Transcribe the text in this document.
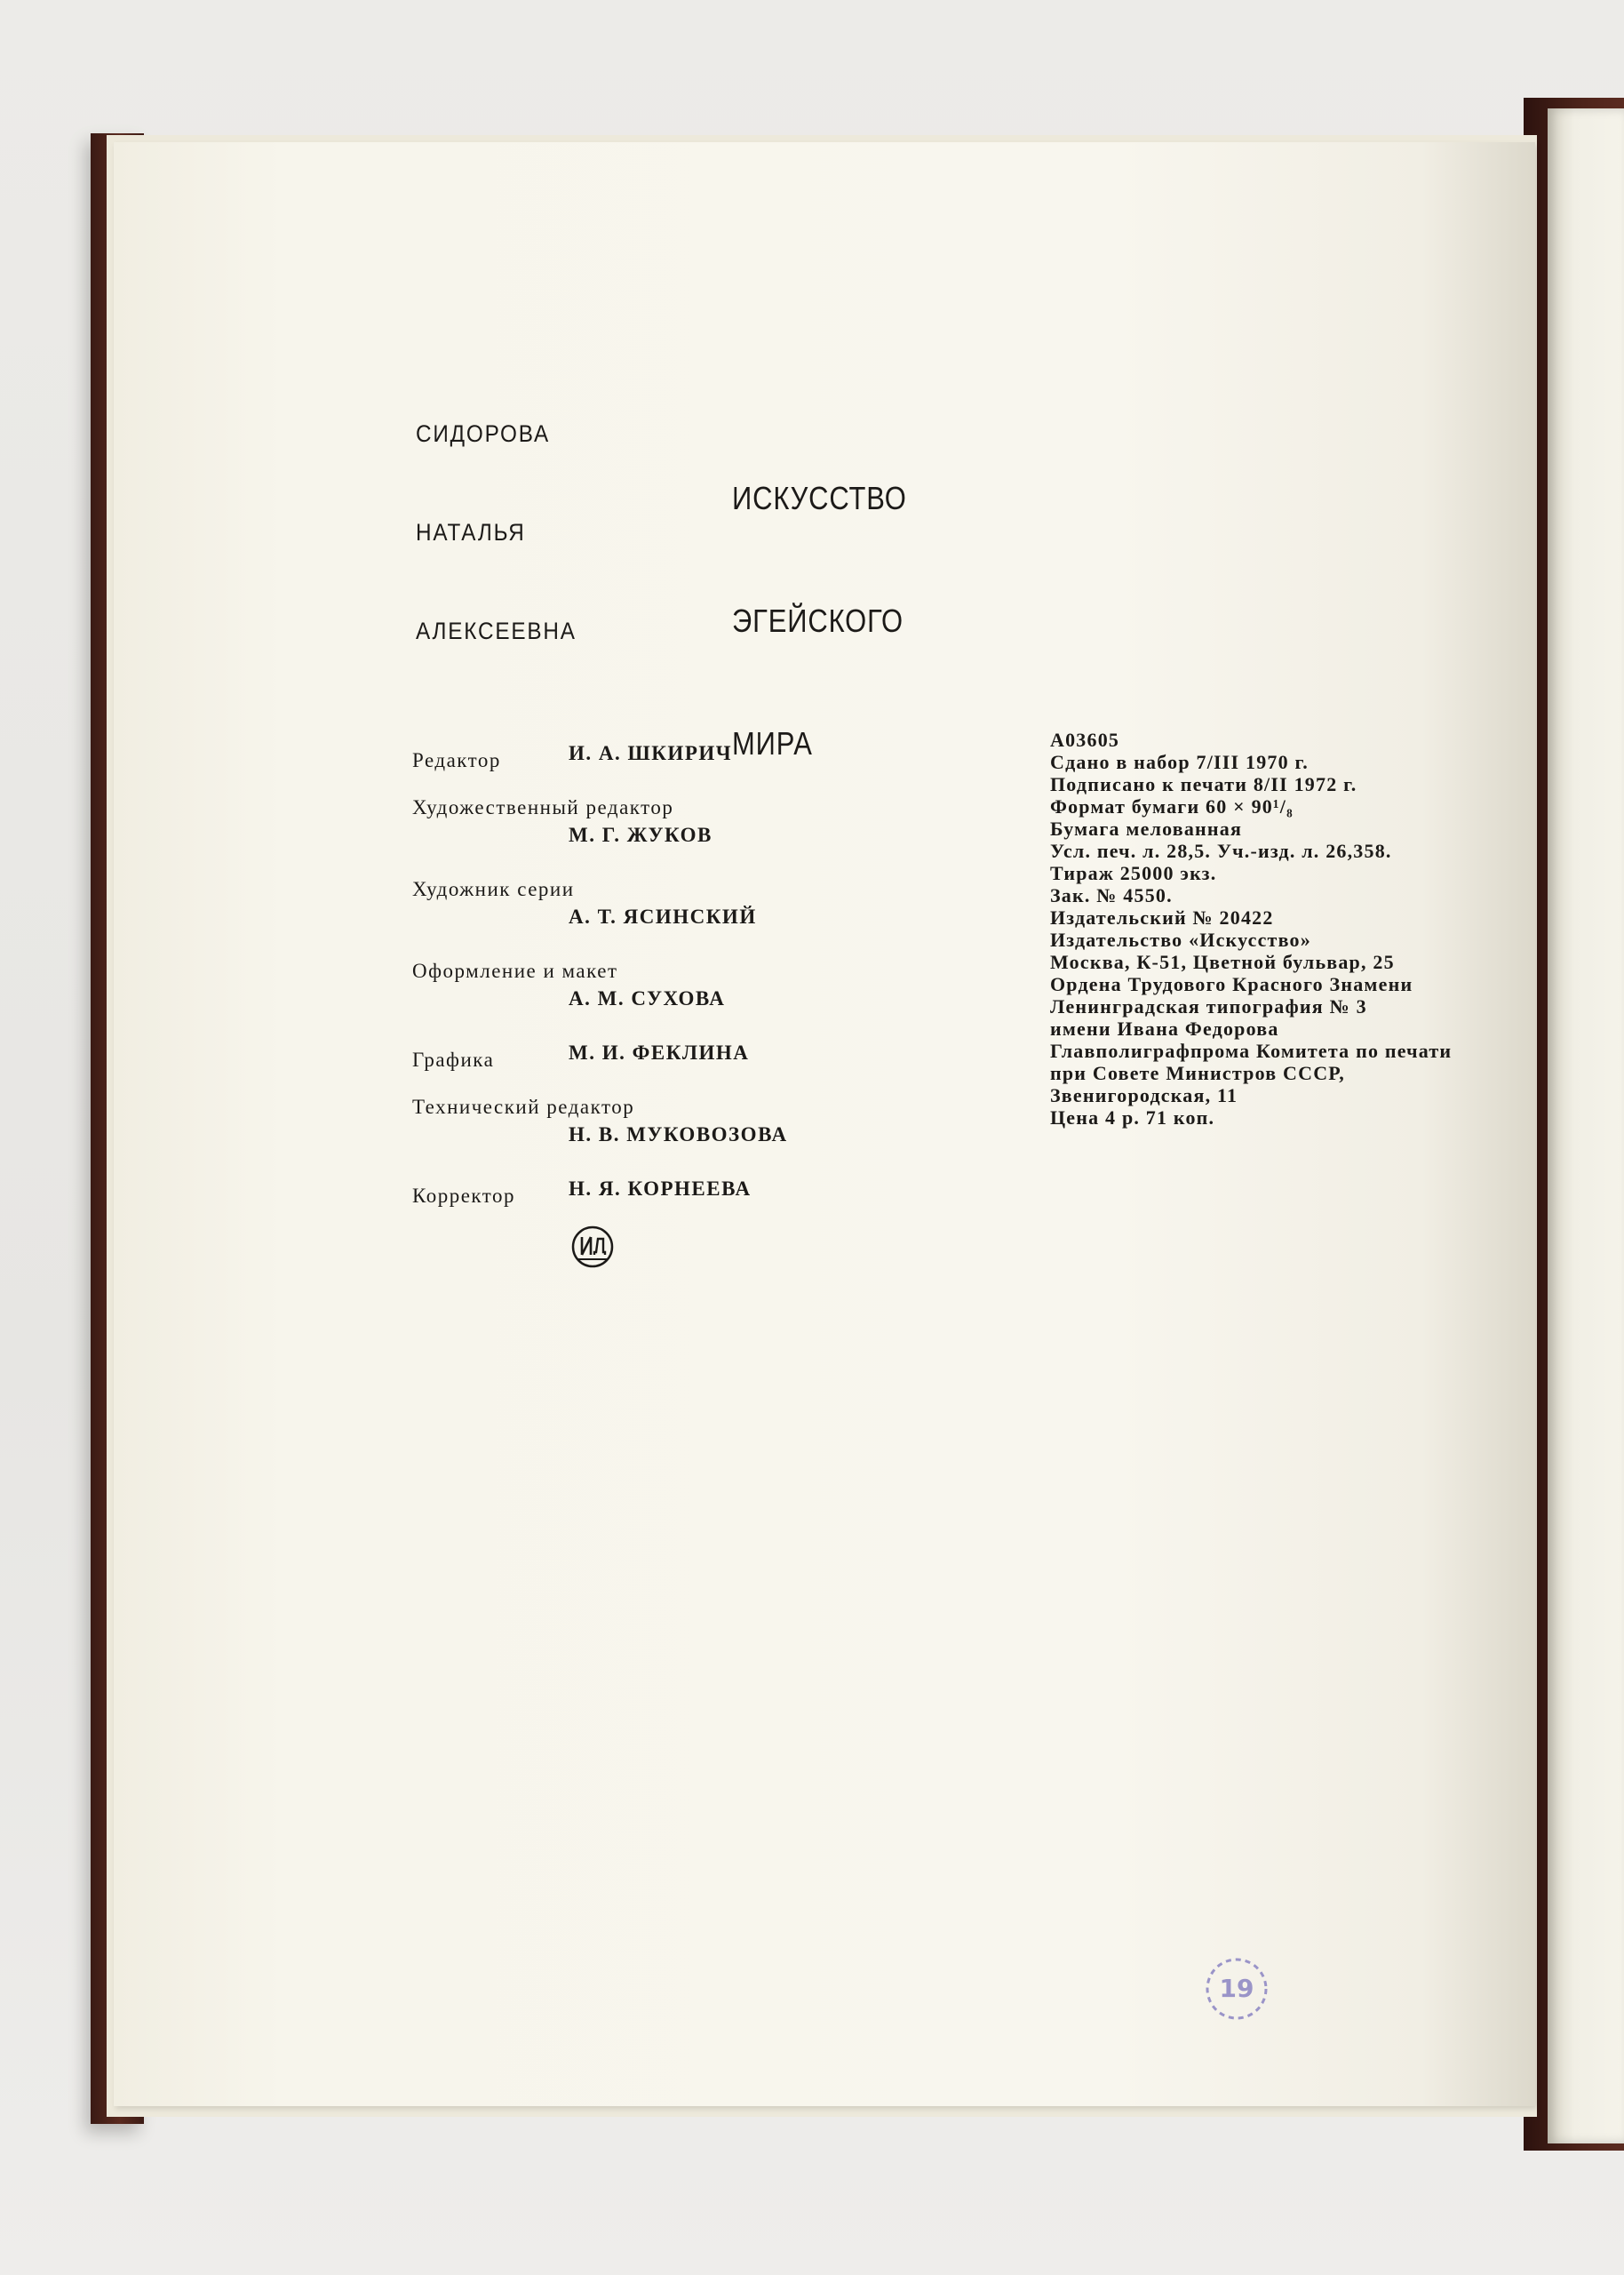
СИДОРОВА

НАТАЛЬЯ

АЛЕКСЕЕВНА

ИСКУССТВО

ЭГЕЙСКОГО

МИРА

Редактор	И. А. ШКИРИЧ
Художественный редактор
М. Г. ЖУКОВ
Художник серии
А. Т. ЯСИНСКИЙ
Оформление и макет
А. М. СУХОВА
Графика	М. И. ФЕКЛИНА
Технический редактор
Н. В. МУКОВОЗОВА
Корректор	Н. Я. КОРНЕЕВА
А03605
Сдано в набор 7/III 1970 г.
Подписано к печати 8/II 1972 г.
Формат бумаги 60 × 90¹/₈
Бумага мелованная
Усл. печ. л. 28,5. Уч.-изд. л. 26,358.
Тираж 25000 экз.
Зак. № 4550.
Издательский № 20422
Издательство «Искусство»
Москва, К-51, Цветной бульвар, 25
Ордена Трудового Красного Знамени
Ленинградская типография № 3
имени Ивана Федорова
Главполиграфпрома Комитета по печати
при Совете Министров СССР,
Звенигородская, 11
Цена 4 р. 71 коп.
19
